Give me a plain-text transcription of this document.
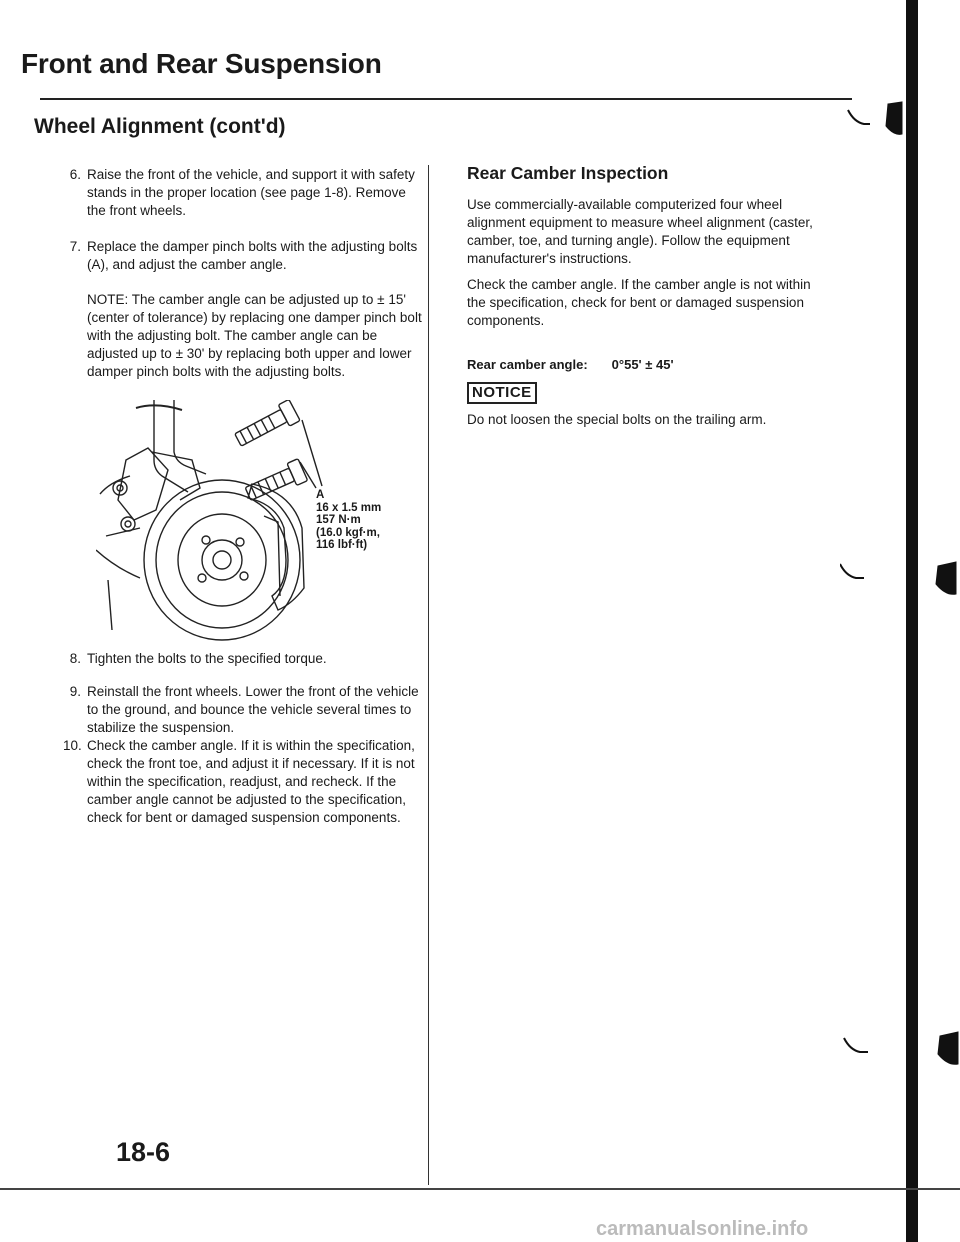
Front and Rear Suspension
Wheel Alignment (cont'd)
6. Raise the front of the vehicle, and support it with safety stands in the proper location (see page 1-8). Remove the front wheels.
7. Replace the damper pinch bolts with the adjusting bolts (A), and adjust the camber angle.
NOTE: The camber angle can be adjusted up to ± 15' (center of tolerance) by replacing one damper pinch bolt with the adjusting bolt. The camber angle can be adjusted up to ± 30' by replacing both upper and lower damper pinch bolts with the adjusting bolts.
A
16 x 1.5 mm
157 N·m
(16.0 kgf·m,
116 lbf·ft)
8. Tighten the bolts to the specified torque.
9. Reinstall the front wheels. Lower the front of the vehicle to the ground, and bounce the vehicle several times to stabilize the suspension.
10. Check the camber angle. If it is within the specification, check the front toe, and adjust it if necessary. If it is not within the specification, readjust, and recheck. If the camber angle cannot be adjusted to the specification, check for bent or damaged suspension components.
Rear Camber Inspection
Use commercially-available computerized four wheel alignment equipment to measure wheel alignment (caster, camber, toe, and turning angle). Follow the equipment manufacturer's instructions.
Check the camber angle. If the camber angle is not within the specification, check for bent or damaged suspension components.
Rear camber angle: 0°55' ± 45'
NOTICE
Do not loosen the special bolts on the trailing arm.
18-6
carmanualsonline.info
